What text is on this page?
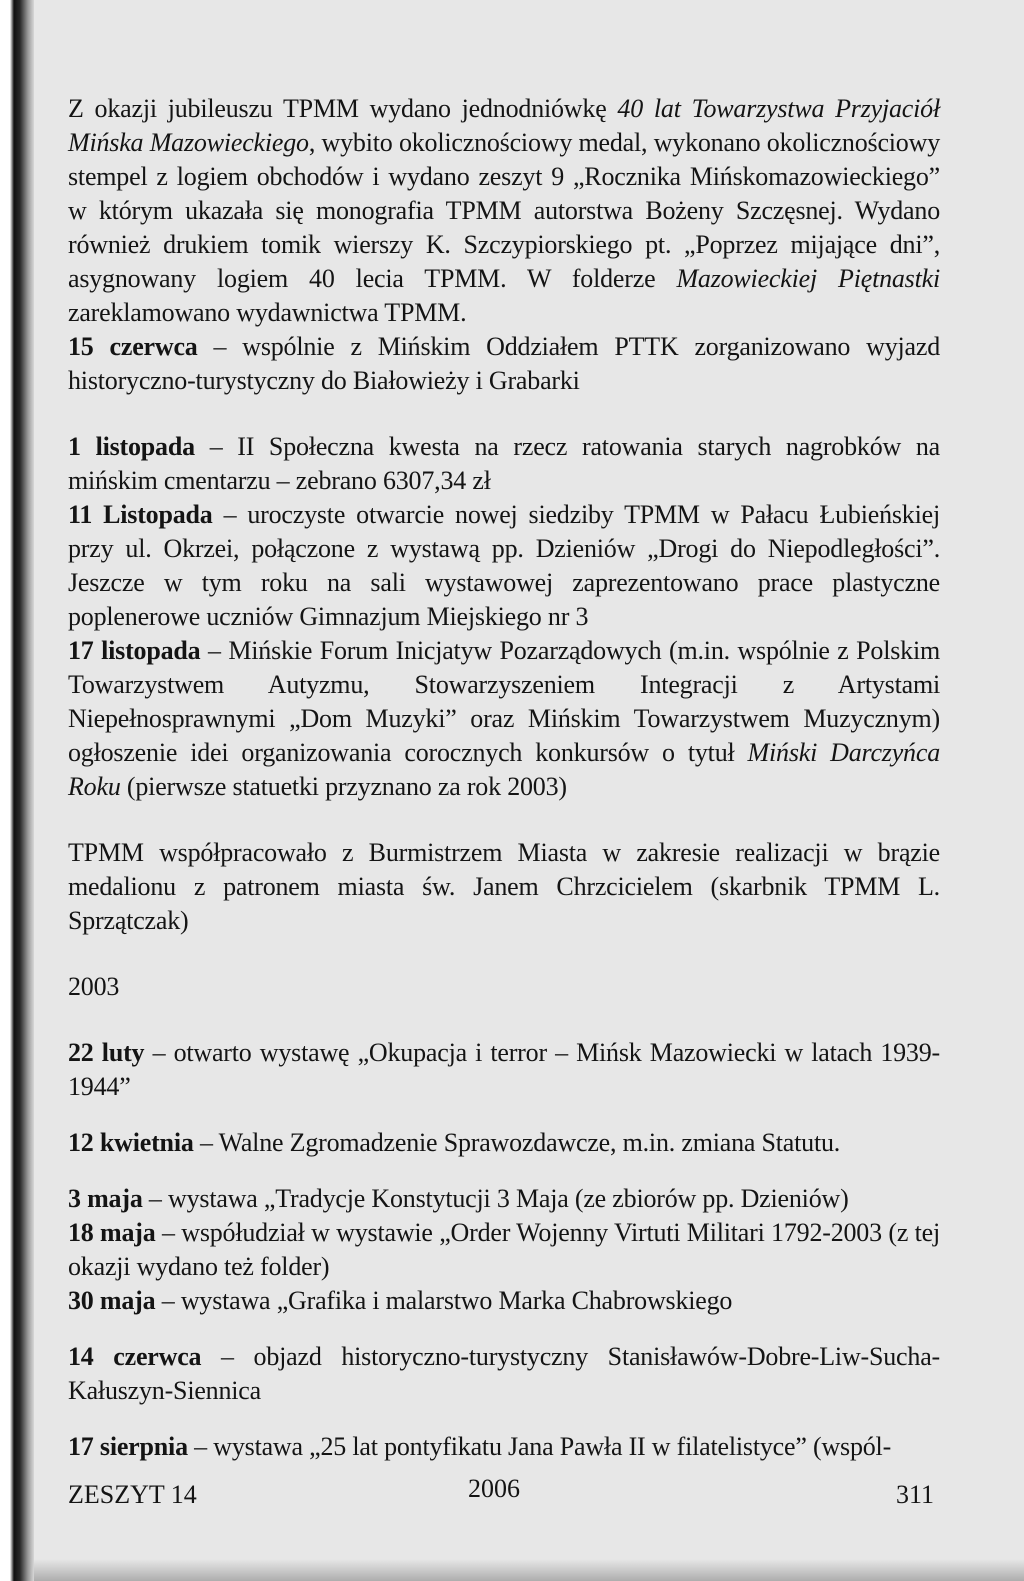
Z okazji jubileuszu TPMM wydano jednodniówkę 40 lat Towarzystwa Przyjaciół Mińska Mazowieckiego, wybito okolicznościowy medal, wykonano okolicznościowy stempel z logiem obchodów i wydano zeszyt 9 „Rocznika Mińskomazowieckiego” w którym ukazała się monografia TPMM autorstwa Bożeny Szczęsnej. Wydano również drukiem tomik wierszy K. Szczypiorskiego pt. „Poprzez mijające dni”, asygnowany logiem 40 lecia TPMM. W folderze Mazowieckiej Piętnastki zareklamowano wydawnictwa TPMM.

15 czerwca – wspólnie z Mińskim Oddziałem PTTK zorganizowano wyjazd historyczno-turystyczny do Białowieży i Grabarki

1 listopada – II Społeczna kwesta na rzecz ratowania starych nagrobków na mińskim cmentarzu – zebrano 6307,34 zł

11 Listopada – uroczyste otwarcie nowej siedziby TPMM w Pałacu Łubieńskiej przy ul. Okrzei, połączone z wystawą pp. Dzieniów „Drogi do Niepodległości”. Jeszcze w tym roku na sali wystawowej zaprezentowano prace plastyczne poplenerowe uczniów Gimnazjum Miejskiego nr 3

17 listopada – Mińskie Forum Inicjatyw Pozarządowych (m.in. wspólnie z Polskim Towarzystwem Autyzmu, Stowarzyszeniem Integracji z Artystami Niepełnosprawnymi „Dom Muzyki” oraz Mińskim Towarzystwem Muzycznym) ogłoszenie idei organizowania corocznych konkursów o tytuł Miński Darczyńca Roku (pierwsze statuetki przyznano za rok 2003)

TPMM współpracowało z Burmistrzem Miasta w zakresie realizacji w brązie medalionu z patronem miasta św. Janem Chrzcicielem (skarbnik TPMM L. Sprzątczak)

2003

22 luty – otwarto wystawę „Okupacja i terror – Mińsk Mazowiecki w latach 1939-1944”

12 kwietnia – Walne Zgromadzenie Sprawozdawcze, m.in. zmiana Statutu.

3 maja – wystawa „Tradycje Konstytucji 3 Maja (ze zbiorów pp. Dzieniów)

18 maja – współudział w wystawie „Order Wojenny Virtuti Militari 1792-2003 (z tej okazji wydano też folder)

30 maja – wystawa „Grafika i malarstwo Marka Chabrowskiego

14 czerwca – objazd historyczno-turystyczny Stanisławów-Dobre-Liw-Sucha-Kałuszyn-Siennica

17 sierpnia – wystawa „25 lat pontyfikatu Jana Pawła II w filatelistyce” (wspól-

ZESZYT 14	2006	311
